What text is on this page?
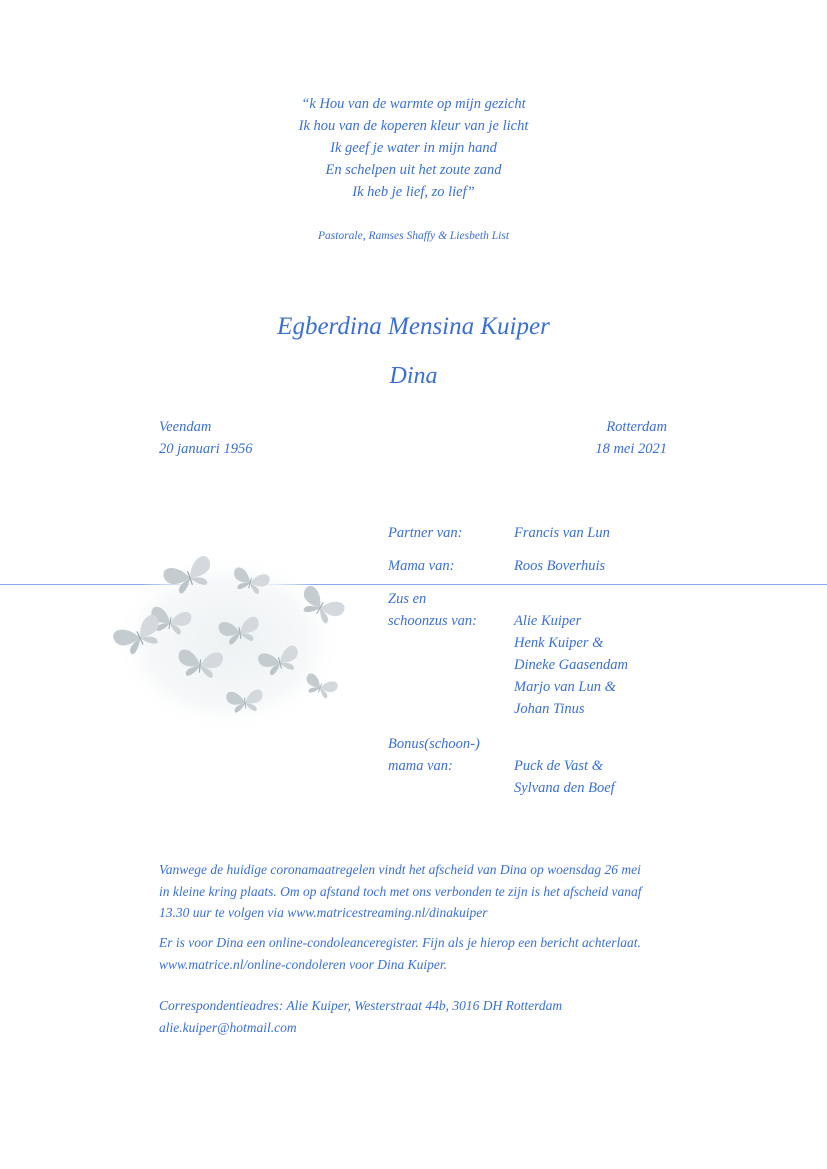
“k Hou van de warmte op mijn gezicht
Ik hou van de koperen kleur van je licht
Ik geef je water in mijn hand
En schelpen uit het zoute zand
Ik heb je lief, zo lief”
Pastorale, Ramses Shaffy & Liesbeth List
Egberdina Mensina Kuiper
Dina
Veendam
20 januari 1956
Rotterdam
18 mei 2021
Partner van:	Francis van Lun
Mama van:	Roos Boverhuis
Zus en
schoonzus van:	Alie Kuiper
Henk Kuiper &
Dineke Gaasendam
Marjo van Lun &
Johan Tinus
Bonus(schoon-)
mama van:	Puck de Vast &
Sylvana den Boef
Vanwege de huidige coronamaatregelen vindt het afscheid van Dina op woensdag 26 mei
in kleine kring plaats. Om op afstand toch met ons verbonden te zijn is het afscheid vanaf
13.30 uur te volgen via www.matricestreaming.nl/dinakuiper
Er is voor Dina een online-condoleanceregister. Fijn als je hierop een bericht achterlaat.
www.matrice.nl/online-condoleren voor Dina Kuiper.
Correspondentieadres: Alie Kuiper, Westerstraat 44b, 3016 DH Rotterdam
alie.kuiper@hotmail.com
